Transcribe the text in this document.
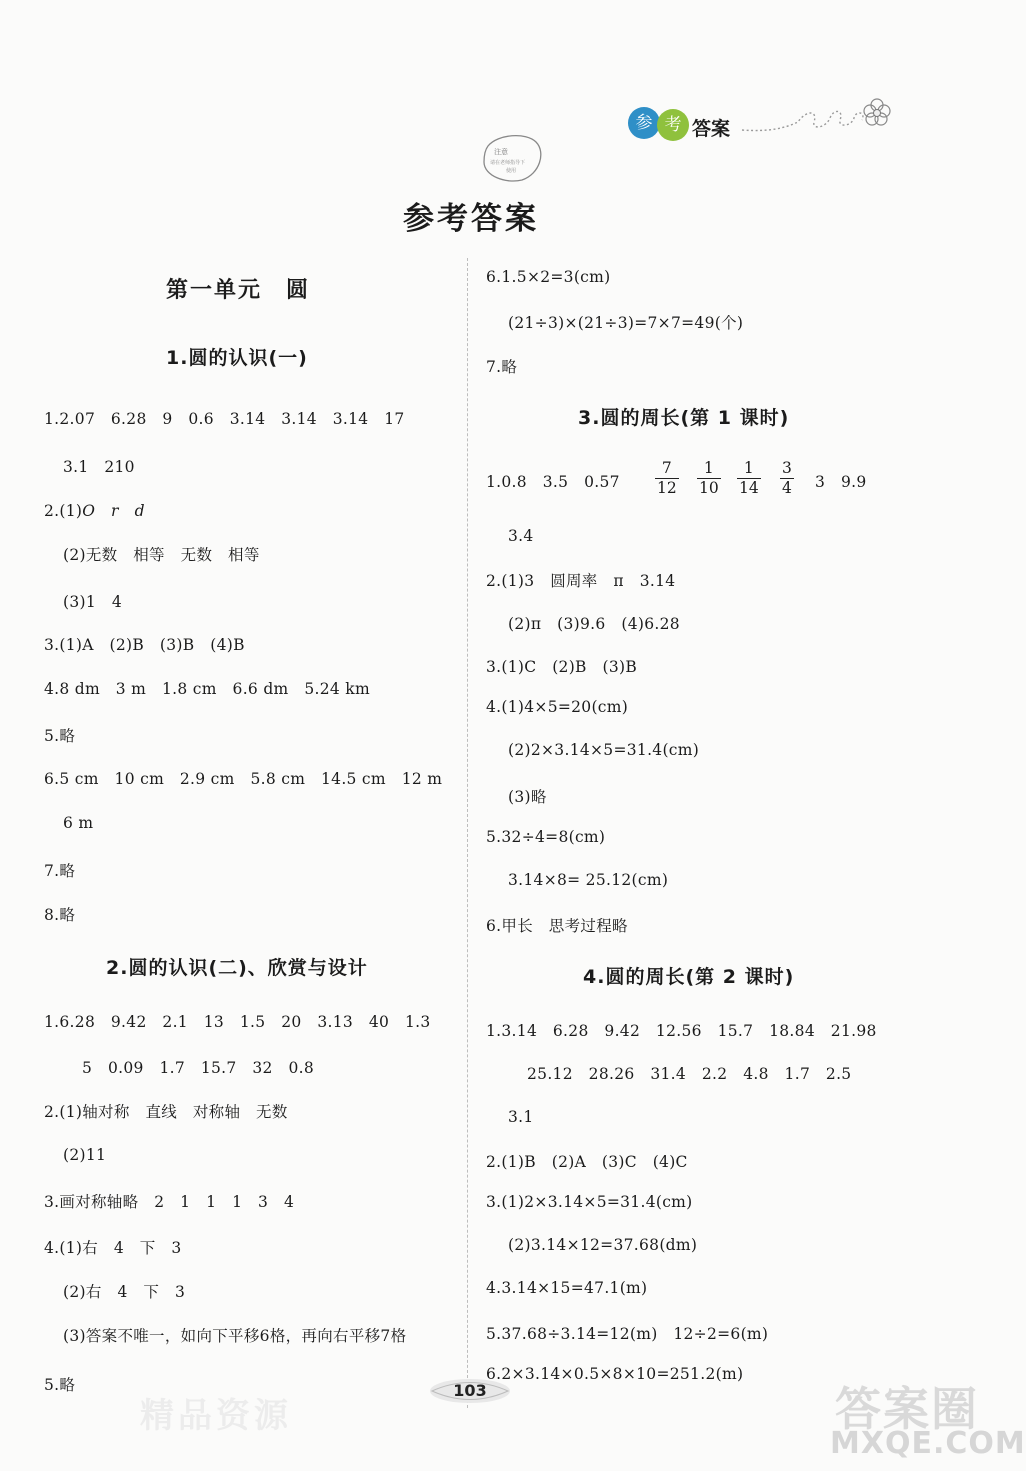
参 考 答案
注意
请在老师指导下
使用
参考答案
第一单元　圆
1.圆的认识(一)
1.2.07　6.28　9　0.6　3.14　3.14　3.14　17
3.1　210
2.(1)O　r　d
(2)无数　相等　无数　相等
(3)1　4
3.(1)A　(2)B　(3)B　(4)B
4.8 dm　3 m　1.8 cm　6.6 dm　5.24 km
5.略
6.5 cm　10 cm　2.9 cm　5.8 cm　14.5 cm　12 m
6 m
7.略
8.略
2.圆的认识(二)、欣赏与设计
1.6.28　9.42　2.1　13　1.5　20　3.13　40　1.3
5　0.09　1.7　15.7　32　0.8
2.(1)轴对称　直线　对称轴　无数
(2)11
3.画对称轴略　2　1　1　1　3　4
4.(1)右　4　下　3
(2)右　4　下　3
(3)答案不唯一，如向下平移6格，再向右平移7格
5.略
6.1.5×2=3(cm)
(21÷3)×(21÷3)=7×7=49(个)
7.略
3.圆的周长(第 1 课时)
1.0.8　3.5　$0.57 \frac{7}{12} \frac{1}{10} \frac{1}{14} \frac{3}{4} 3$　9.9
3.4
2.(1)3　圆周率　π　3.14
(2)π　(3)9.6　(4)6.28
3.(1)C　(2)B　(3)B
4.(1)4×5=20(cm)
(2)2×3.14×5=31.4(cm)
(3)略
5.32÷4=8(cm)
3.14×8= 25.12(cm)
6.甲长　思考过程略
4.圆的周长(第 2 课时)
1.3.14　6.28　9.42　12.56　15.7　18.84　21.98
25.12　28.26　31.4　2.2　4.8　1.7　2.5
3.1
2.(1)B　(2)A　(3)C　(4)C
3.(1)2×3.14×5=31.4(cm)
(2)3.14×12=37.68(dm)
4.3.14×15=47.1(m)
5.37.68÷3.14=12(m)　12÷2=6(m)
6.2×3.14×0.5×8×10=251.2(m)
103
精品资源	答案圈
MXQE.COM
